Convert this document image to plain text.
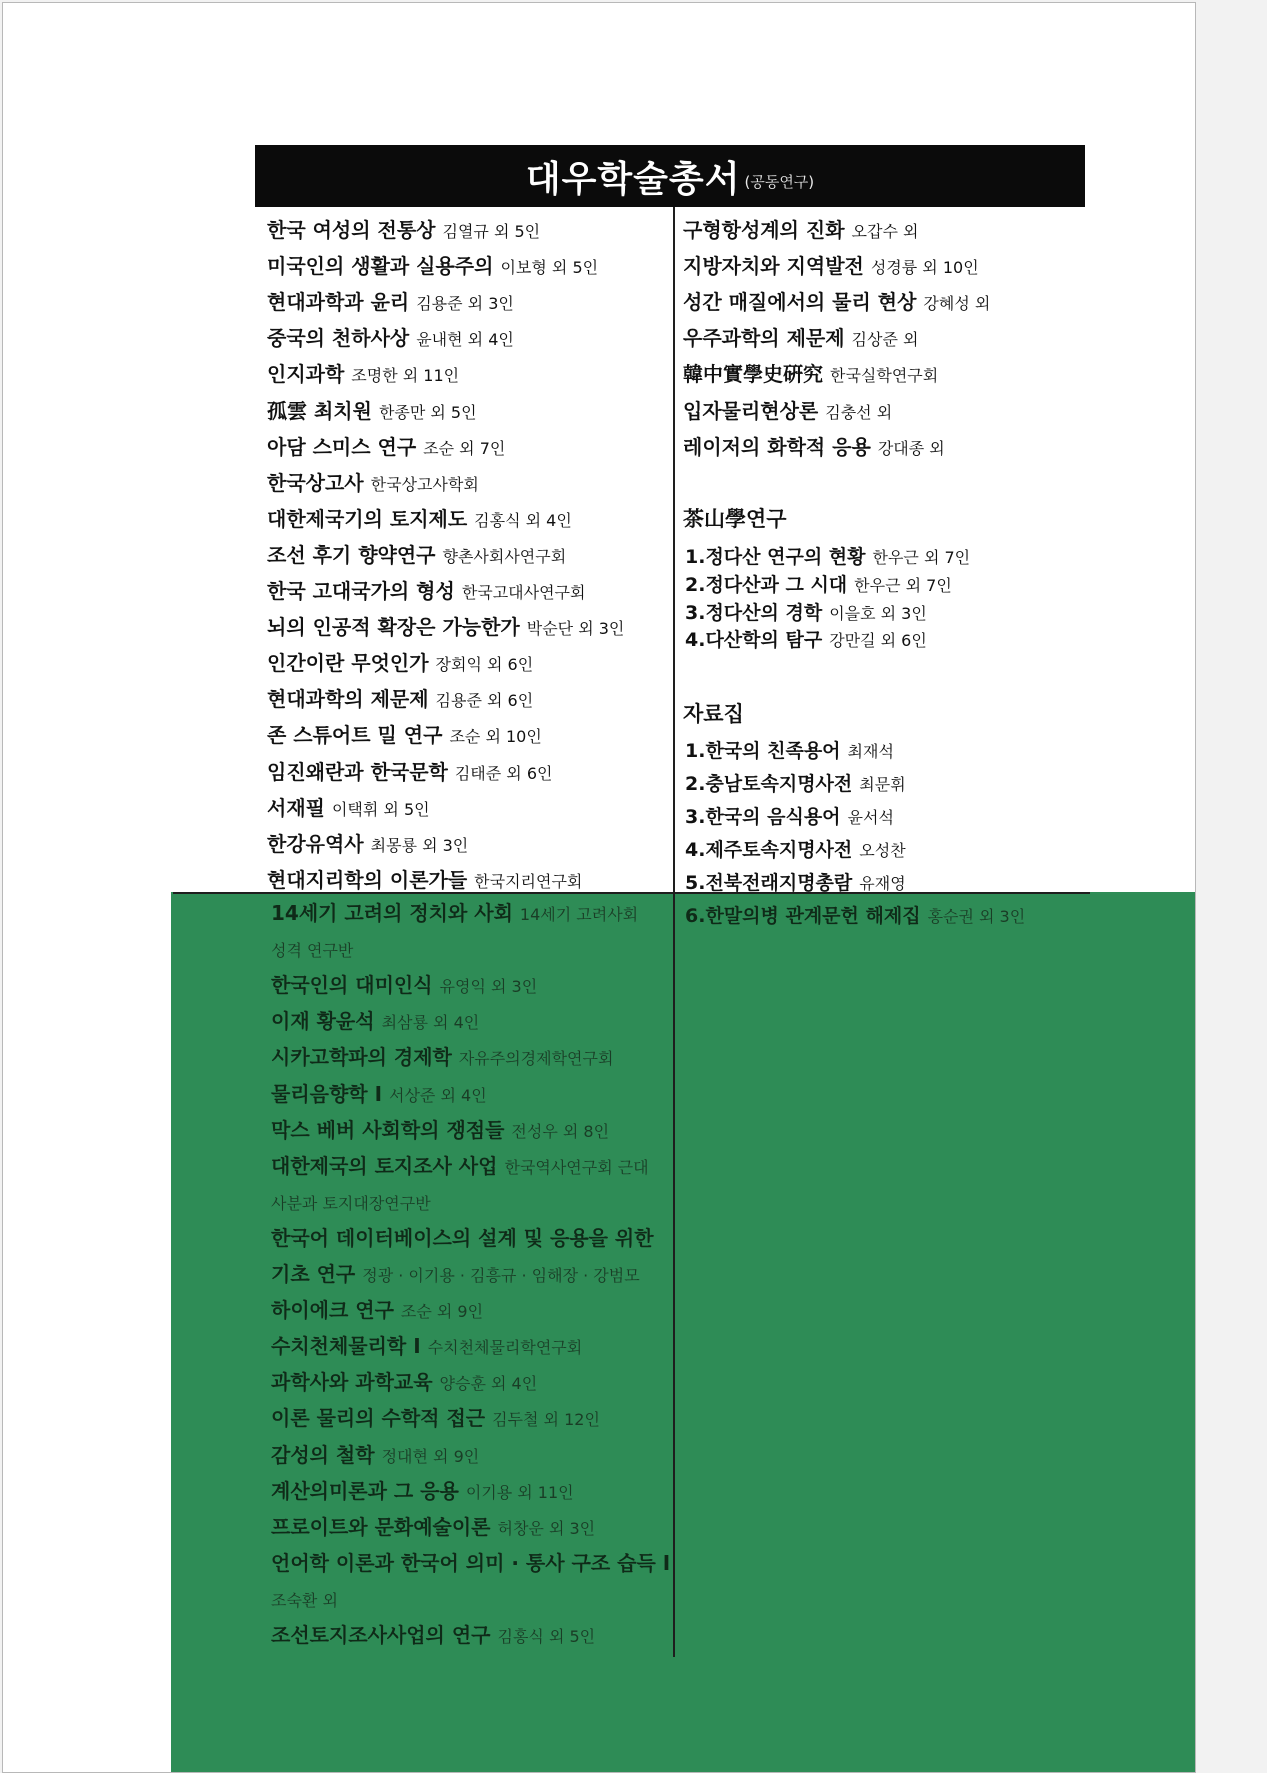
대우학술총서 (공동연구)
한국 여성의 전통상 김열규 외 5인
미국인의 생활과 실용주의 이보형 외 5인
현대과학과 윤리 김용준 외 3인
중국의 천하사상 윤내현 외 4인
인지과학 조명한 외 11인
孤雲 최치원 한종만 외 5인
아담 스미스 연구 조순 외 7인
한국상고사 한국상고사학회
대한제국기의 토지제도 김홍식 외 4인
조선 후기 향약연구 향촌사회사연구회
한국 고대국가의 형성 한국고대사연구회
뇌의 인공적 확장은 가능한가 박순단 외 3인
인간이란 무엇인가 장회익 외 6인
현대과학의 제문제 김용준 외 6인
존 스튜어트 밀 연구 조순 외 10인
임진왜란과 한국문학 김태준 외 6인
서재필 이택휘 외 5인
한강유역사 최몽룡 외 3인
현대지리학의 이론가들 한국지리연구회
14세기 고려의 정치와 사회 14세기 고려사회
성격 연구반
한국인의 대미인식 유영익 외 3인
이재 황윤석 최삼룡 외 4인
시카고학파의 경제학 자유주의경제학연구회
물리음향학 I 서상준 외 4인
막스 베버 사회학의 쟁점들 전성우 외 8인
대한제국의 토지조사 사업 한국역사연구회 근대
사분과 토지대장연구반
한국어 데이터베이스의 설계 및 응용을 위한
기초 연구 정광 · 이기용 · 김흥규 · 임해장 · 강범모
하이에크 연구 조순 외 9인
수치천체물리학 I 수치천체물리학연구회
과학사와 과학교육 양승훈 외 4인
이론 물리의 수학적 접근 김두철 외 12인
감성의 철학 정대현 외 9인
계산의미론과 그 응용 이기용 외 11인
프로이트와 문화예술이론 허창운 외 3인
언어학 이론과 한국어 의미 · 통사 구조 습득 I
조숙환 외
조선토지조사사업의 연구 김홍식 외 5인
구형항성계의 진화 오갑수 외
지방자치와 지역발전 성경륭 외 10인
성간 매질에서의 물리 현상 강혜성 외
우주과학의 제문제 김상준 외
韓中實學史硏究 한국실학연구회
입자물리현상론 김충선 외
레이저의 화학적 응용 강대종 외
茶山學연구
1.정다산 연구의 현황 한우근 외 7인
2.정다산과 그 시대 한우근 외 7인
3.정다산의 경학 이을호 외 3인
4.다산학의 탐구 강만길 외 6인
자료집
1.한국의 친족용어 최재석
2.충남토속지명사전 최문휘
3.한국의 음식용어 윤서석
4.제주토속지명사전 오성찬
5.전북전래지명총람 유재영
6.한말의병 관계문헌 해제집 홍순권 외 3인
